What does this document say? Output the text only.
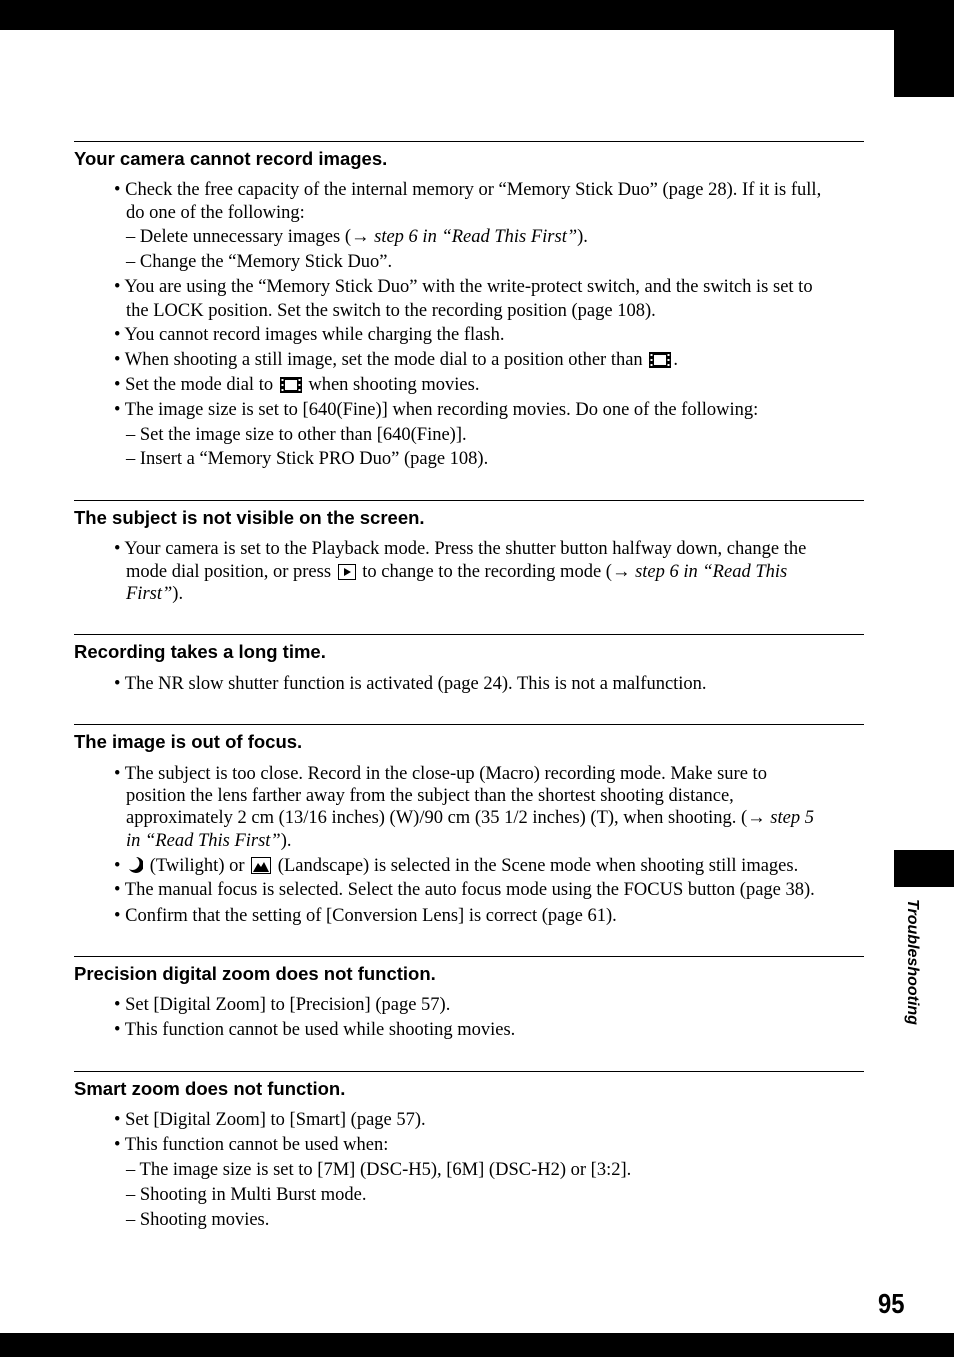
Troubleshooting
95
Your camera cannot record images.
• Check the free capacity of the internal memory or “Memory Stick Duo” (page 28). If it is full,
do one of the following:
– Delete unnecessary images (→ step 6 in “Read This First”).
– Change the “Memory Stick Duo”.
• You are using the “Memory Stick Duo” with the write-protect switch, and the switch is set to
the LOCK position. Set the switch to the recording position (page 108).
• You cannot record images while charging the flash.
• When shooting a still image, set the mode dial to a position other than .
• Set the mode dial to  when shooting movies.
• The image size is set to [640(Fine)] when recording movies. Do one of the following:
– Set the image size to other than [640(Fine)].
– Insert a “Memory Stick PRO Duo” (page 108).
The subject is not visible on the screen.
• Your camera is set to the Playback mode. Press the shutter button halfway down, change the
mode dial position, or press  to change to the recording mode (→ step 6 in “Read This
First”).
Recording takes a long time.
• The NR slow shutter function is activated (page 24). This is not a malfunction.
The image is out of focus.
• The subject is too close. Record in the close-up (Macro) recording mode. Make sure to
position the lens farther away from the subject than the shortest shooting distance,
approximately 2 cm (13/16 inches) (W)/90 cm (35 1/2 inches) (T), when shooting. (→ step 5
in “Read This First”).
•  (Twilight) or  (Landscape) is selected in the Scene mode when shooting still images.
• The manual focus is selected. Select the auto focus mode using the FOCUS button (page 38).
• Confirm that the setting of [Conversion Lens] is correct (page 61).
Precision digital zoom does not function.
• Set [Digital Zoom] to [Precision] (page 57).
• This function cannot be used while shooting movies.
Smart zoom does not function.
• Set [Digital Zoom] to [Smart] (page 57).
• This function cannot be used when:
– The image size is set to [7M] (DSC-H5), [6M] (DSC-H2) or [3:2].
– Shooting in Multi Burst mode.
– Shooting movies.
